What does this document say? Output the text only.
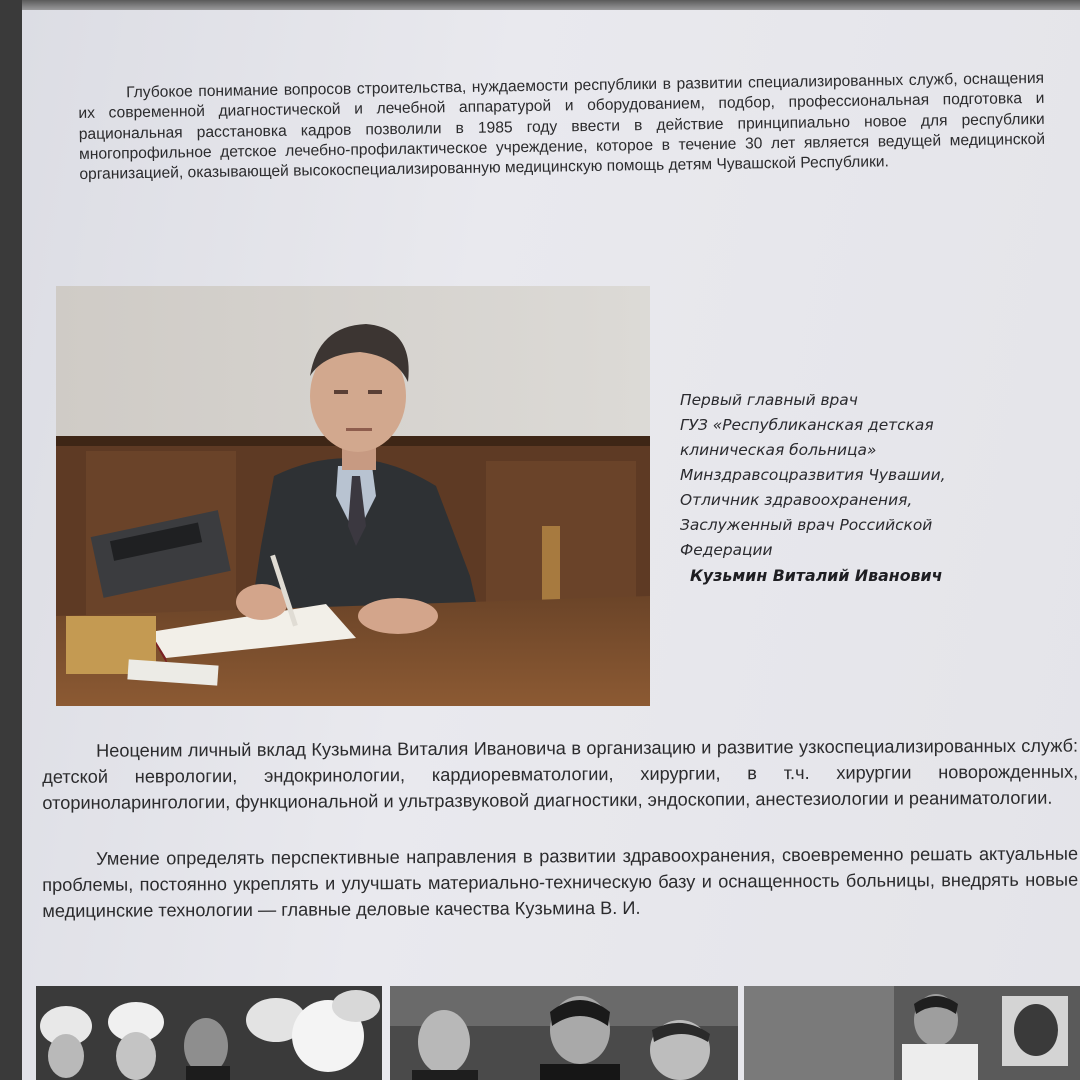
Глубокое понимание вопросов строительства, нуждаемости республики в развитии специализированных служб, оснащения их современной диагностической и лечебной аппаратурой и оборудованием, подбор, профессиональная подготовка и рациональная расстановка кадров позволили в 1985 году ввести в действие принципиально новое для республики многопрофильное детское лечебно-профилактическое учреждение, которое в течение 30 лет является ведущей медицинской организацией, оказывающей высокоспециализированную медицинскую помощь детям Чувашской Республики.

Первый главный врач
ГУЗ «Республиканская детская
клиническая больница»
Минздравсоцразвития Чувашии,
Отличник здравоохранения,
Заслуженный врач Российской
Федерации
Кузьмин Виталий Иванович

Неоценим личный вклад Кузьмина Виталия Ивановича в организацию и развитие узкоспециализированных служб: детской неврологии, эндокринологии, кардиоревматологии, хирургии, в т.ч. хирургии новорожденных, оториноларингологии, функциональной и ультразвуковой диагностики, эндоскопии, анестезиологии и реаниматологии.

Умение определять перспективные направления в развитии здравоохранения, своевременно решать актуальные проблемы, постоянно укреплять и улучшать материально-техническую базу и оснащенность больницы, внедрять новые медицинские технологии — главные деловые качества Кузьмина В. И.
